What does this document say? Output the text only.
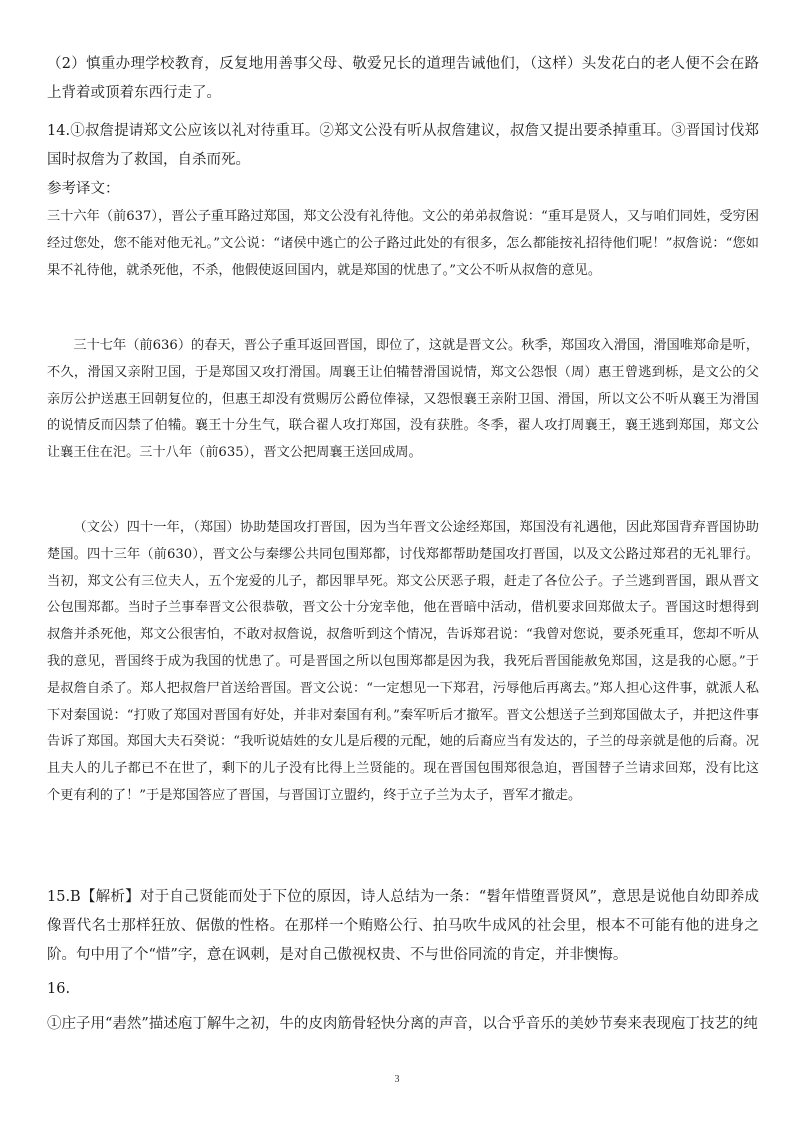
（2）慎重办理学校教育，反复地用善事父母、敬爱兄长的道理告诫他们，（这样）头发花白的老人便不会在路上背着或顶着东西行走了。

14.①叔詹提请郑文公应该以礼对待重耳。②郑文公没有听从叔詹建议，叔詹又提出要杀掉重耳。③晋国讨伐郑国时叔詹为了救国，自杀而死。

参考译文：

三十六年（前637），晋公子重耳路过郑国，郑文公没有礼待他。文公的弟弟叔詹说：“重耳是贤人，又与咱们同姓，受穷困经过您处，您不能对他无礼。”文公说：“诸侯中逃亡的公子路过此处的有很多，怎么都能按礼招待他们呢！”叔詹说：“您如果不礼待他，就杀死他，不杀，他假使返回国内，就是郑国的忧患了。”文公不听从叔詹的意见。

三十七年（前636）的春天，晋公子重耳返回晋国，即位了，这就是晋文公。秋季，郑国攻入滑国，滑国唯郑命是听，不久，滑国又亲附卫国，于是郑国又攻打滑国。周襄王让伯犕替滑国说情，郑文公怨恨（周）惠王曾逃到栎，是文公的父亲厉公护送惠王回朝复位的，但惠王却没有赏赐厉公爵位俸禄，又怨恨襄王亲附卫国、滑国，所以文公不听从襄王为滑国的说情反而囚禁了伯犕。襄王十分生气，联合翟人攻打郑国，没有获胜。冬季，翟人攻打周襄王，襄王逃到郑国，郑文公让襄王住在汜。三十八年（前635），晋文公把周襄王送回成周。

（文公）四十一年，（郑国）协助楚国攻打晋国，因为当年晋文公途经郑国，郑国没有礼遇他，因此郑国背弃晋国协助楚国。四十三年（前630），晋文公与秦缪公共同包围郑都，讨伐郑都帮助楚国攻打晋国，以及文公路过郑君的无礼罪行。当初，郑文公有三位夫人，五个宠爱的儿子，都因罪早死。郑文公厌恶子瑕，赶走了各位公子。子兰逃到晋国，跟从晋文公包围郑都。当时子兰事奉晋文公很恭敬，晋文公十分宠幸他，他在晋暗中活动，借机要求回郑做太子。晋国这时想得到叔詹并杀死他，郑文公很害怕，不敢对叔詹说，叔詹听到这个情况，告诉郑君说：“我曾对您说，要杀死重耳，您却不听从我的意见，晋国终于成为我国的忧患了。可是晋国之所以包围郑都是因为我，我死后晋国能赦免郑国，这是我的心愿。”于是叔詹自杀了。郑人把叔詹尸首送给晋国。晋文公说：“一定想见一下郑君，污辱他后再离去。”郑人担心这件事，就派人私下对秦国说：“打败了郑国对晋国有好处，并非对秦国有利。”秦军听后才撤军。晋文公想送子兰到郑国做太子，并把这件事告诉了郑国。郑国大夫石癸说：“我听说姞姓的女儿是后稷的元配，她的后裔应当有发达的，子兰的母亲就是他的后裔。况且夫人的儿子都已不在世了，剩下的儿子没有比得上兰贤能的。现在晋国包围郑很急迫，晋国替子兰请求回郑，没有比这个更有利的了！”于是郑国答应了晋国，与晋国订立盟约，终于立子兰为太子，晋军才撤走。

15.B【解析】对于自己贤能而处于下位的原因，诗人总结为一条：“髫年惜堕晋贤风”，意思是说他自幼即养成像晋代名士那样狂放、倨傲的性格。在那样一个贿赂公行、拍马吹牛成风的社会里，根本不可能有他的进身之阶。句中用了个“惜”字，意在讽刺，是对自己傲视权贵、不与世俗同流的肯定，并非懊悔。

16.

①庄子用“砉然”描述庖丁解牛之初，牛的皮肉筋骨轻快分离的声音，以合乎音乐的美妙节奏来表现庖丁技艺的纯

3
